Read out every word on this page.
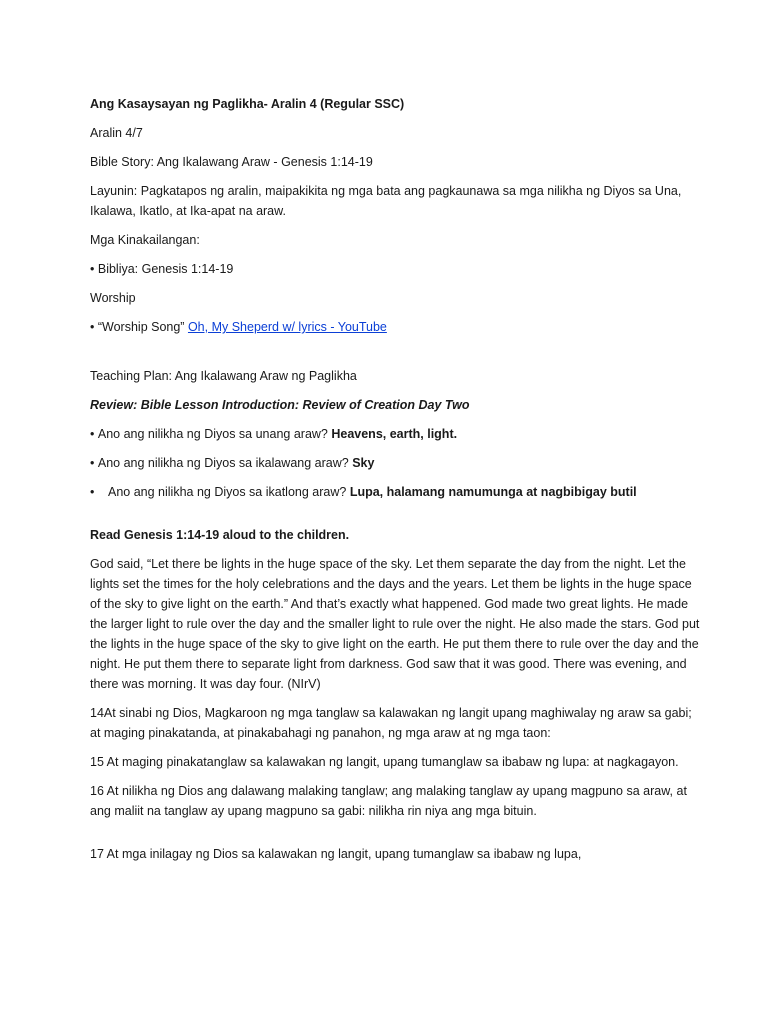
Ang Kasaysayan ng Paglikha- Aralin 4 (Regular SSC)

Aralin 4/7

Bible Story: Ang Ikalawang Araw - Genesis 1:14-19

Layunin: Pagkatapos ng aralin, maipakikita ng mga bata ang pagkaunawa sa mga nilikha ng Diyos sa Una, Ikalawa, Ikatlo, at Ika-apat na araw.

Mga Kinakailangan:

• Bibliya: Genesis 1:14-19

Worship

• “Worship Song” Oh, My Sheperd w/ lyrics - YouTube

Teaching Plan: Ang Ikalawang Araw ng Paglikha

Review: Bible Lesson Introduction: Review of Creation Day Two

• Ano ang nilikha ng Diyos sa unang araw? Heavens, earth, light.

• Ano ang nilikha ng Diyos sa ikalawang araw? Sky

• Ano ang nilikha ng Diyos sa ikatlong araw? Lupa, halamang namumunga at nagbibigay butil

Read Genesis 1:14-19 aloud to the children.

God said, “Let there be lights in the huge space of the sky. Let them separate the day from the night. Let the lights set the times for the holy celebrations and the days and the years. Let them be lights in the huge space of the sky to give light on the earth.” And that’s exactly what happened. God made two great lights. He made the larger light to rule over the day and the smaller light to rule over the night. He also made the stars. God put the lights in the huge space of the sky to give light on the earth. He put them there to rule over the day and the night. He put them there to separate light from darkness. God saw that it was good. There was evening, and there was morning. It was day four. (NIrV)

14At sinabi ng Dios, Magkaroon ng mga tanglaw sa kalawakan ng langit upang maghiwalay ng araw sa gabi; at maging pinakatanda, at pinakabahagi ng panahon, ng mga araw at ng mga taon:

15 At maging pinakatanglaw sa kalawakan ng langit, upang tumanglaw sa ibabaw ng lupa: at nagkagayon.

16 At nilikha ng Dios ang dalawang malaking tanglaw; ang malaking tanglaw ay upang magpuno sa araw, at ang maliit na tanglaw ay upang magpuno sa gabi: nilikha rin niya ang mga bituin.

17 At mga inilagay ng Dios sa kalawakan ng langit, upang tumanglaw sa ibabaw ng lupa,
